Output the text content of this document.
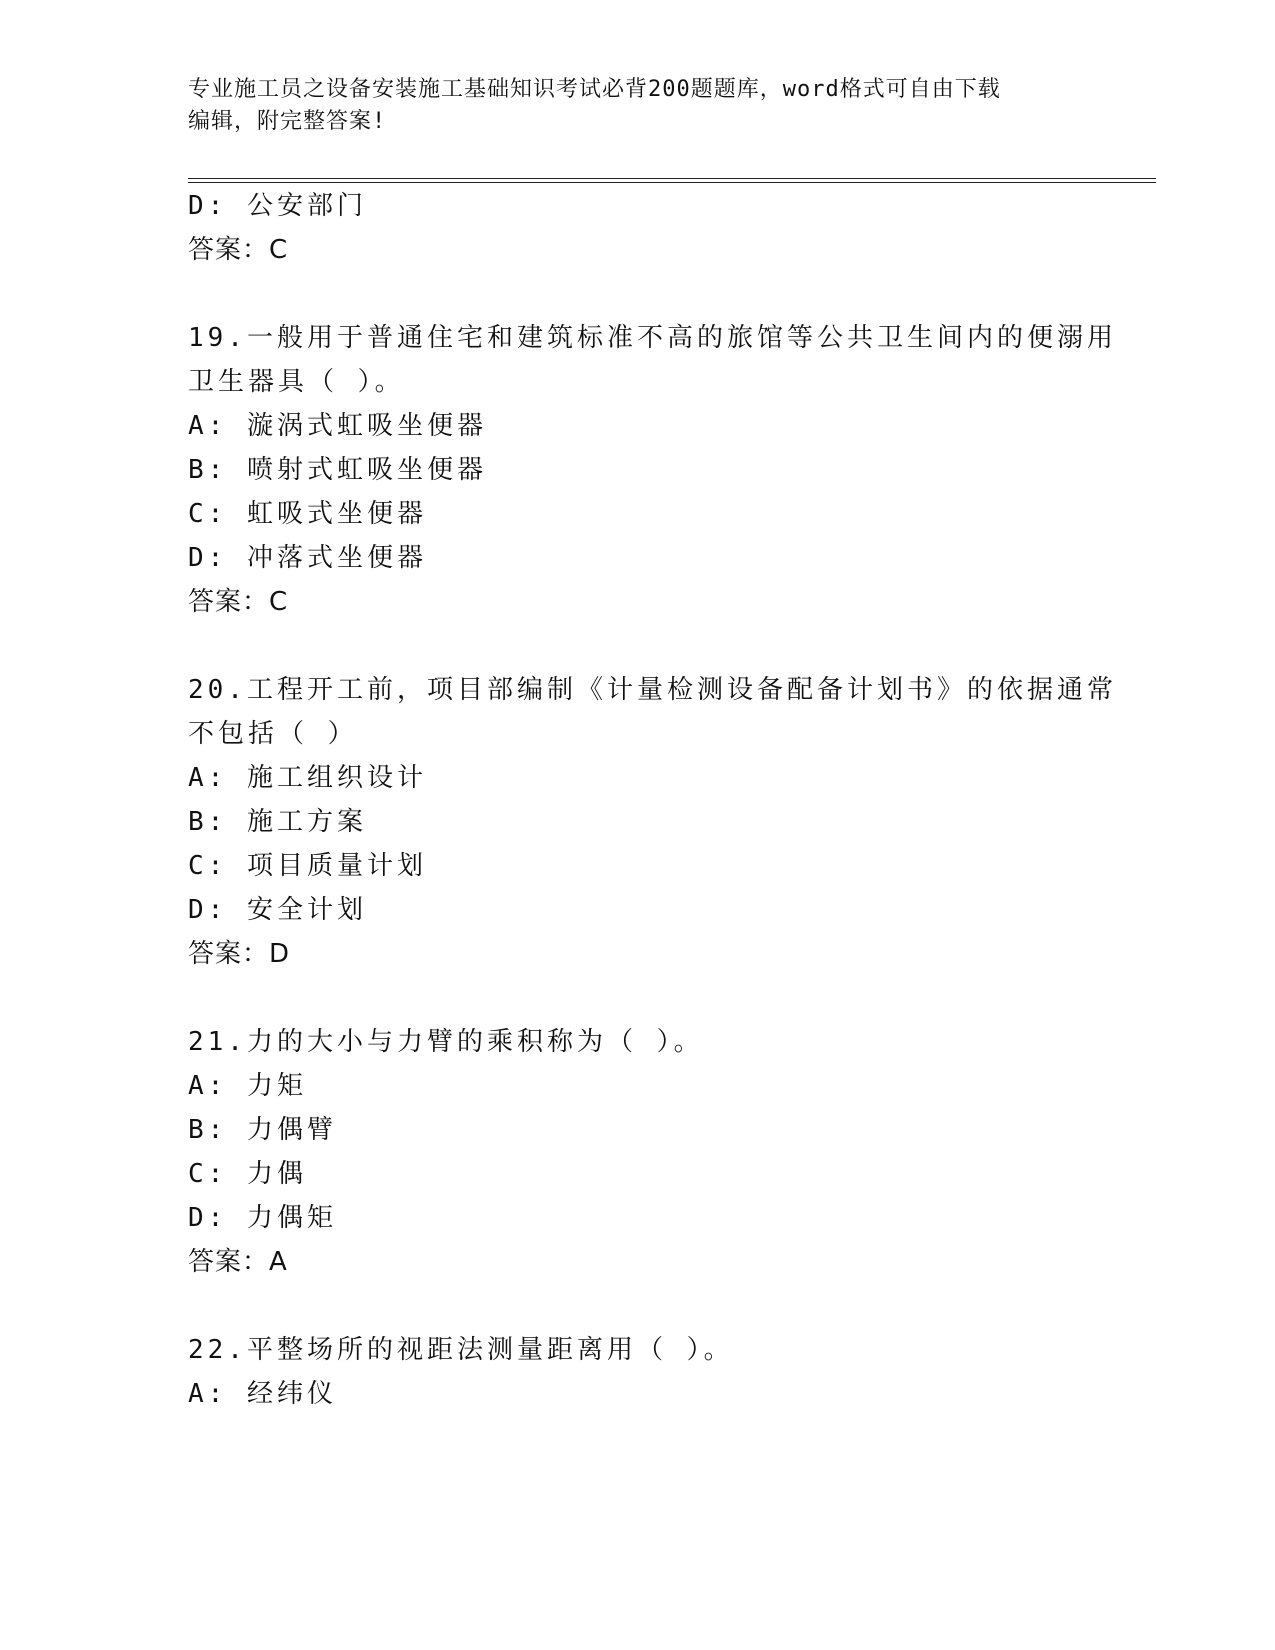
专业施工员之设备安装施工基础知识考试必背200题题库，word格式可自由下载
编辑，附完整答案!
D: 公安部门
答案：C
19.一般用于普通住宅和建筑标准不高的旅馆等公共卫生间内的便溺用
卫生器具（ ）。
A: 漩涡式虹吸坐便器
B: 喷射式虹吸坐便器
C: 虹吸式坐便器
D: 冲落式坐便器
答案：C
20.工程开工前，项目部编制《计量检测设备配备计划书》的依据通常
不包括（ ）
A: 施工组织设计
B: 施工方案
C: 项目质量计划
D: 安全计划
答案：D
21.力的大小与力臂的乘积称为（ ）。
A: 力矩
B: 力偶臂
C: 力偶
D: 力偶矩
答案：A
22.平整场所的视距法测量距离用（ ）。
A: 经纬仪
